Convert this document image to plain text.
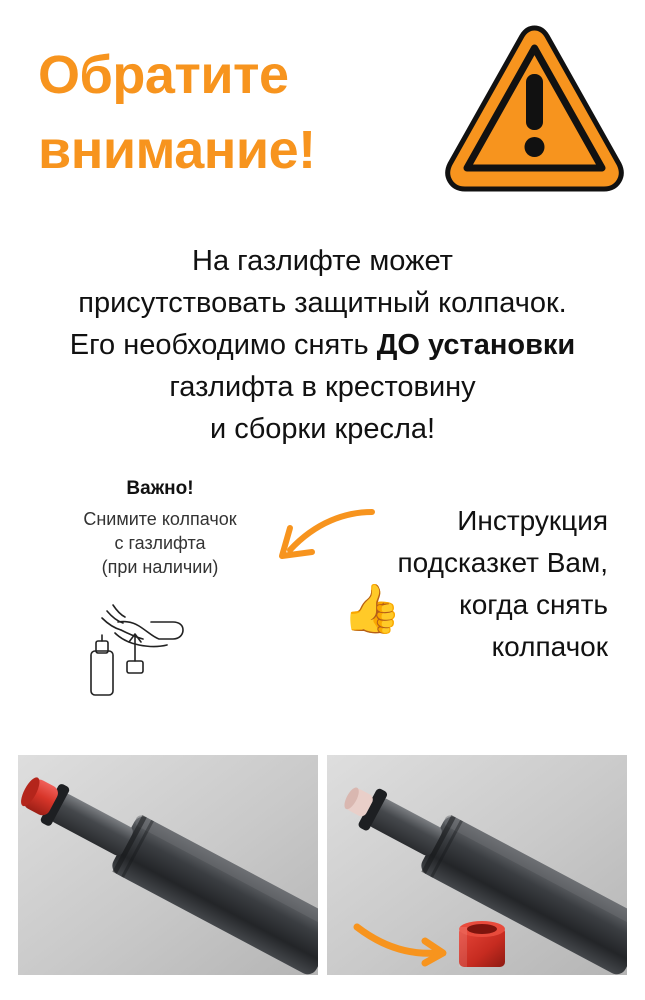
Обратите
внимание!
На газлифте может
присутствовать защитный колпачок.
Его необходимо снять ДО установки
газлифта в крестовину
и сборки кресла!
Важно!
Снимите колпачок
с газлифта
(при наличии)
Инструкция
подсказкет Вам,
когда снять
колпачок
👍
